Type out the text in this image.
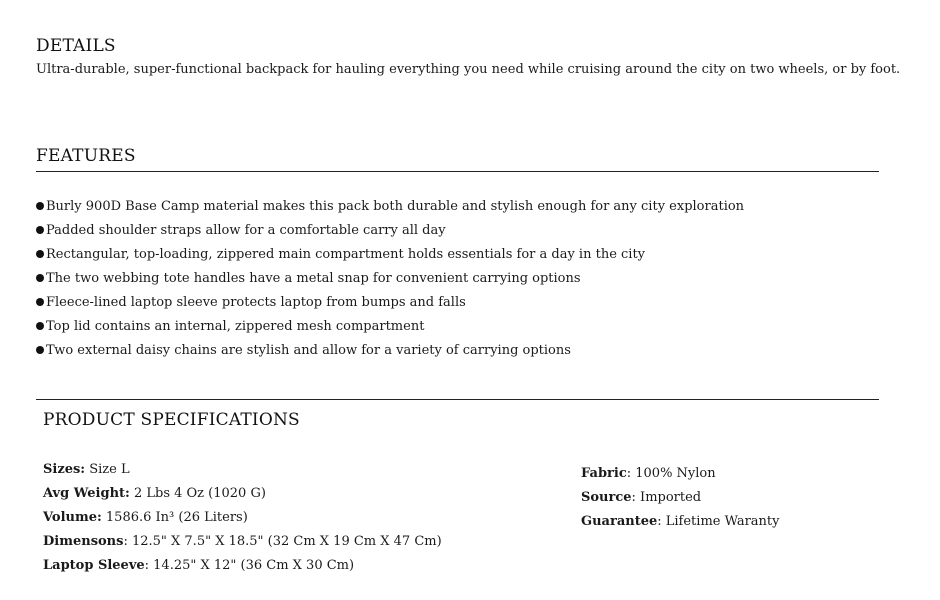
DETAILS
Ultra-durable, super-functional backpack for hauling everything you need while cruising around the city on two wheels, or by foot.
FEATURES
Burly 900D Base Camp material makes this pack both durable and stylish enough for any city exploration
Padded shoulder straps allow for a comfortable carry all day
Rectangular, top-loading, zippered main compartment holds essentials for a day in the city
The two webbing tote handles have a metal snap for convenient carrying options
Fleece-lined laptop sleeve protects laptop from bumps and falls
Top lid contains an internal, zippered mesh compartment
Two external daisy chains are stylish and allow for a variety of carrying options
PRODUCT SPECIFICATIONS
Sizes: Size L
Avg Weight: 2 Lbs 4 Oz (1020 G)
Volume: 1586.6 In³ (26 Liters)
Dimensons: 12.5" X 7.5" X 18.5" (32 Cm X 19 Cm X 47 Cm)
Laptop Sleeve: 14.25" X 12" (36 Cm X 30 Cm)
Fabric: 100% Nylon
Source: Imported
Guarantee: Lifetime Waranty
